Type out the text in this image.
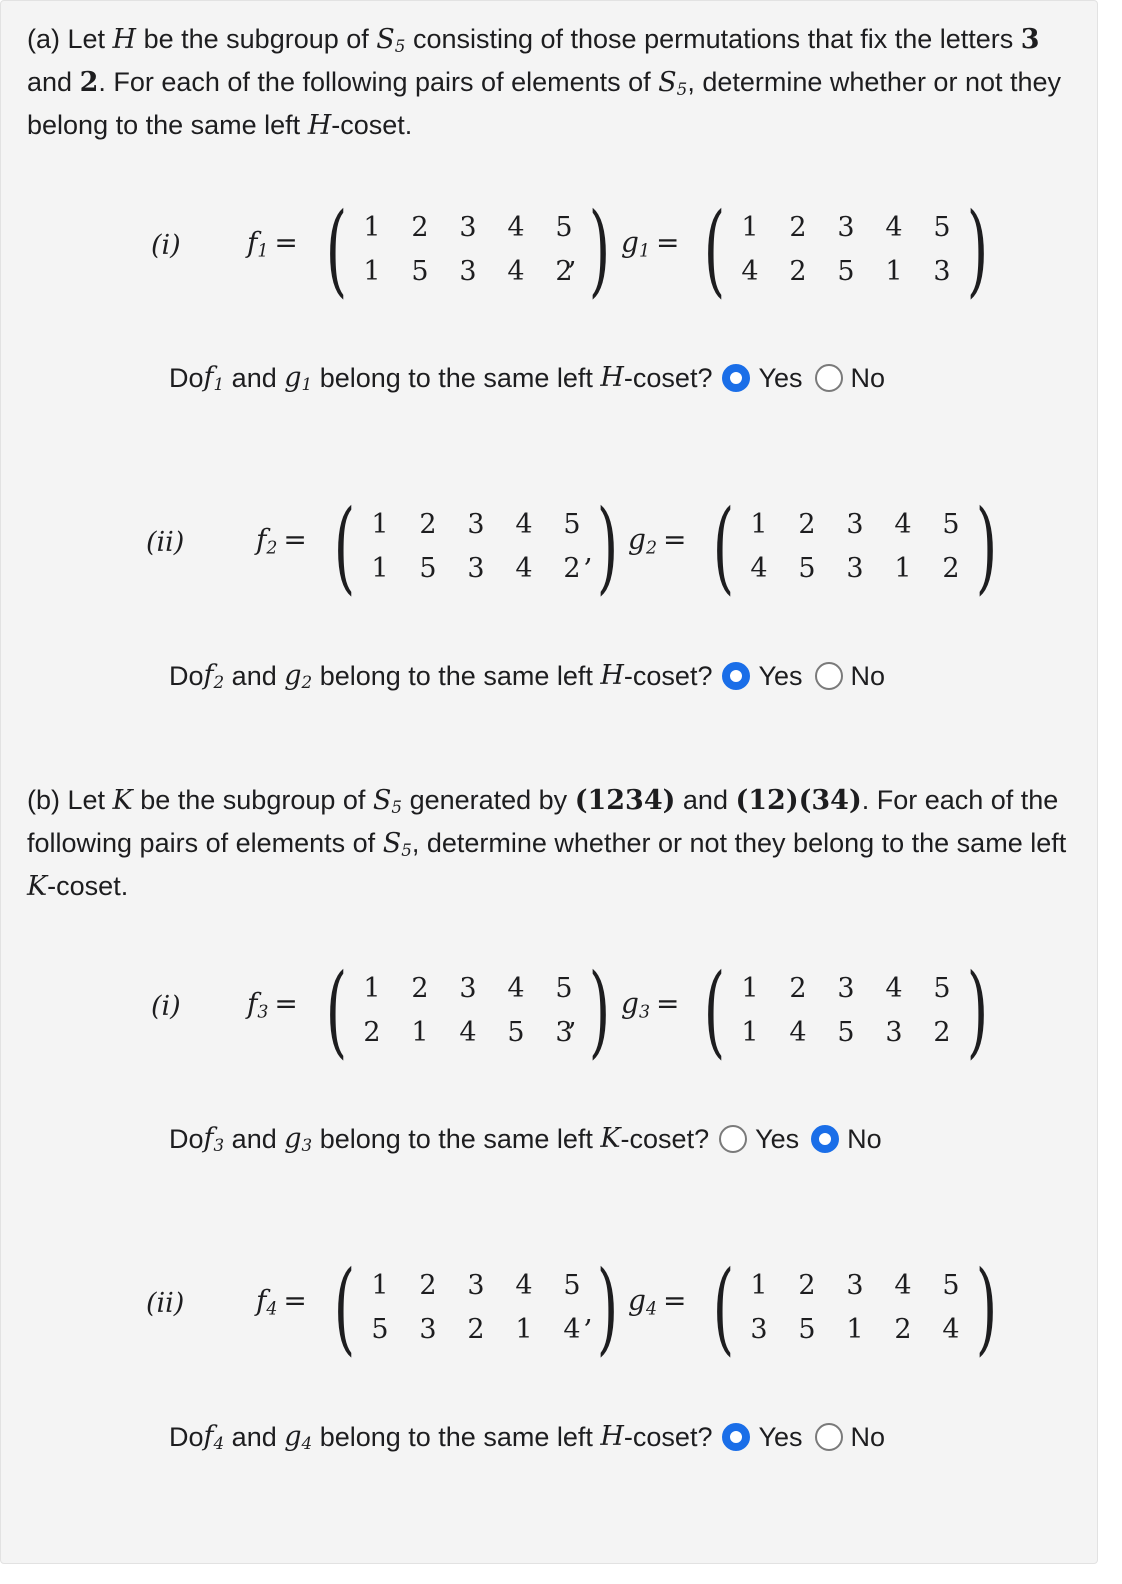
(a) Let H be the subgroup of $S_5$ consisting of those permutations that fix the letters 3 and 2. For each of the following pairs of elements of $S_5$, determine whether or not they belong to the same left H-coset.

(i) $f_1$ = ( 1	2	3	4	5
1	5	3	4	2 )
, $g_1$ = ( 1	2	3	4	5
4	2	5	1	3 )
Do $f_1$ and $g_1$ belong to the same left H -coset? Yes No
(ii)	$f_2$ = ( 1	2	3	4	5
1	5	3	4	2 )
, $g_2$ = ( 1	2	3	4	5
4	5	3	1	2 )
Do $f_2$ and $g_2$ belong to the same left H -coset? Yes No

(b) Let K be the subgroup of $S_5$ generated by (1234) and (12)(34). For each of the following pairs of elements of $S_5$, determine whether or not they belong to the same left K-coset.

(i) $f_3$ = ( 1	2	3	4	5
2	1	4	5	3 )
, $g_3$ = ( 1	2	3	4	5
1	4	5	3	2 )
Do $f_3$ and $g_3$ belong to the same left K -coset? Yes No
(ii)	$f_4$ = ( 1	2	3	4	5
5	3	2	1	4 )
, $g_4$ = ( 1	2	3	4	5
3	5	1	2	4 )
Do $f_4$ and $g_4$ belong to the same left H -coset? Yes No
